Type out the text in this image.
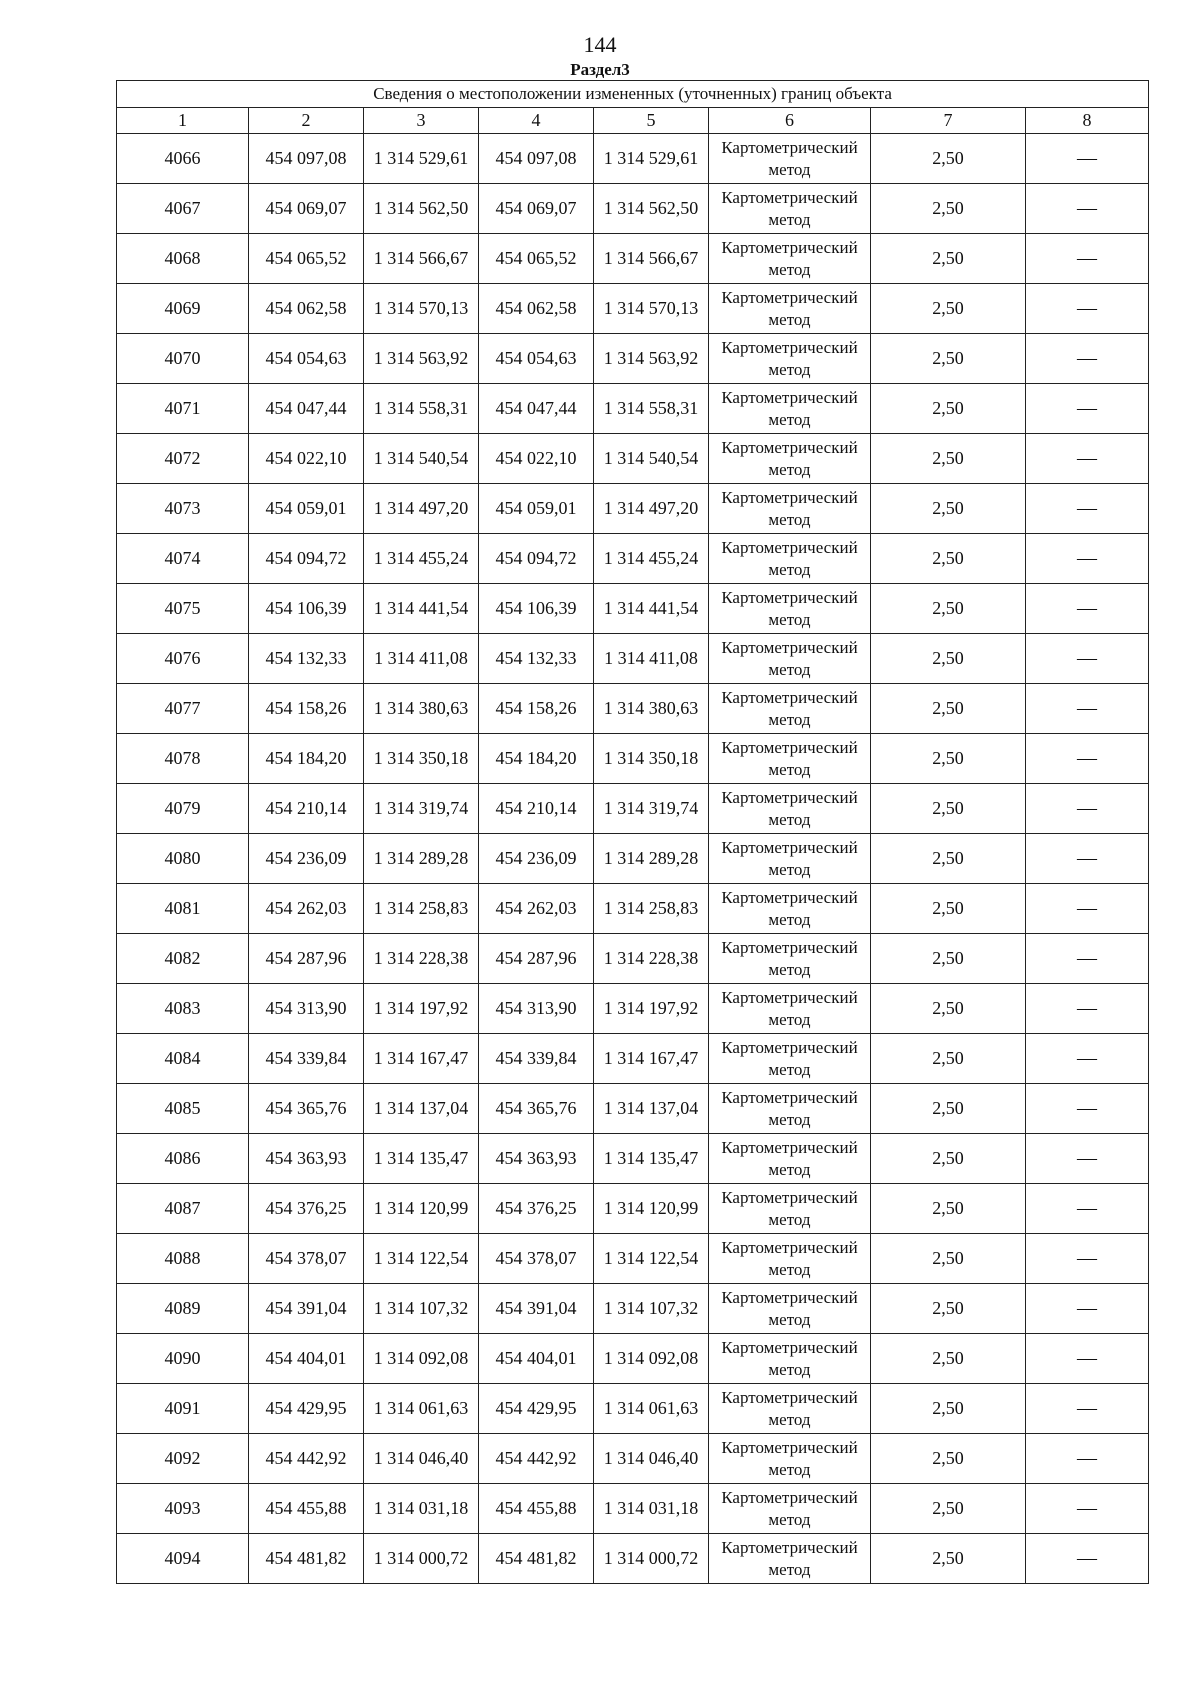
144
Раздел3
Сведения о местоположении измененных (уточненных) границ объекта							
1	2	3	4	5	6	7	8
4066	454 097,08	1 314 529,61	454 097,08	1 314 529,61	Картометрический метод	2,50	—
4067	454 069,07	1 314 562,50	454 069,07	1 314 562,50	Картометрический метод	2,50	—
4068	454 065,52	1 314 566,67	454 065,52	1 314 566,67	Картометрический метод	2,50	—
4069	454 062,58	1 314 570,13	454 062,58	1 314 570,13	Картометрический метод	2,50	—
4070	454 054,63	1 314 563,92	454 054,63	1 314 563,92	Картометрический метод	2,50	—
4071	454 047,44	1 314 558,31	454 047,44	1 314 558,31	Картометрический метод	2,50	—
4072	454 022,10	1 314 540,54	454 022,10	1 314 540,54	Картометрический метод	2,50	—
4073	454 059,01	1 314 497,20	454 059,01	1 314 497,20	Картометрический метод	2,50	—
4074	454 094,72	1 314 455,24	454 094,72	1 314 455,24	Картометрический метод	2,50	—
4075	454 106,39	1 314 441,54	454 106,39	1 314 441,54	Картометрический метод	2,50	—
4076	454 132,33	1 314 411,08	454 132,33	1 314 411,08	Картометрический метод	2,50	—
4077	454 158,26	1 314 380,63	454 158,26	1 314 380,63	Картометрический метод	2,50	—
4078	454 184,20	1 314 350,18	454 184,20	1 314 350,18	Картометрический метод	2,50	—
4079	454 210,14	1 314 319,74	454 210,14	1 314 319,74	Картометрический метод	2,50	—
4080	454 236,09	1 314 289,28	454 236,09	1 314 289,28	Картометрический метод	2,50	—
4081	454 262,03	1 314 258,83	454 262,03	1 314 258,83	Картометрический метод	2,50	—
4082	454 287,96	1 314 228,38	454 287,96	1 314 228,38	Картометрический метод	2,50	—
4083	454 313,90	1 314 197,92	454 313,90	1 314 197,92	Картометрический метод	2,50	—
4084	454 339,84	1 314 167,47	454 339,84	1 314 167,47	Картометрический метод	2,50	—
4085	454 365,76	1 314 137,04	454 365,76	1 314 137,04	Картометрический метод	2,50	—
4086	454 363,93	1 314 135,47	454 363,93	1 314 135,47	Картометрический метод	2,50	—
4087	454 376,25	1 314 120,99	454 376,25	1 314 120,99	Картометрический метод	2,50	—
4088	454 378,07	1 314 122,54	454 378,07	1 314 122,54	Картометрический метод	2,50	—
4089	454 391,04	1 314 107,32	454 391,04	1 314 107,32	Картометрический метод	2,50	—
4090	454 404,01	1 314 092,08	454 404,01	1 314 092,08	Картометрический метод	2,50	—
4091	454 429,95	1 314 061,63	454 429,95	1 314 061,63	Картометрический метод	2,50	—
4092	454 442,92	1 314 046,40	454 442,92	1 314 046,40	Картометрический метод	2,50	—
4093	454 455,88	1 314 031,18	454 455,88	1 314 031,18	Картометрический метод	2,50	—
4094	454 481,82	1 314 000,72	454 481,82	1 314 000,72	Картометрический метод	2,50	—
